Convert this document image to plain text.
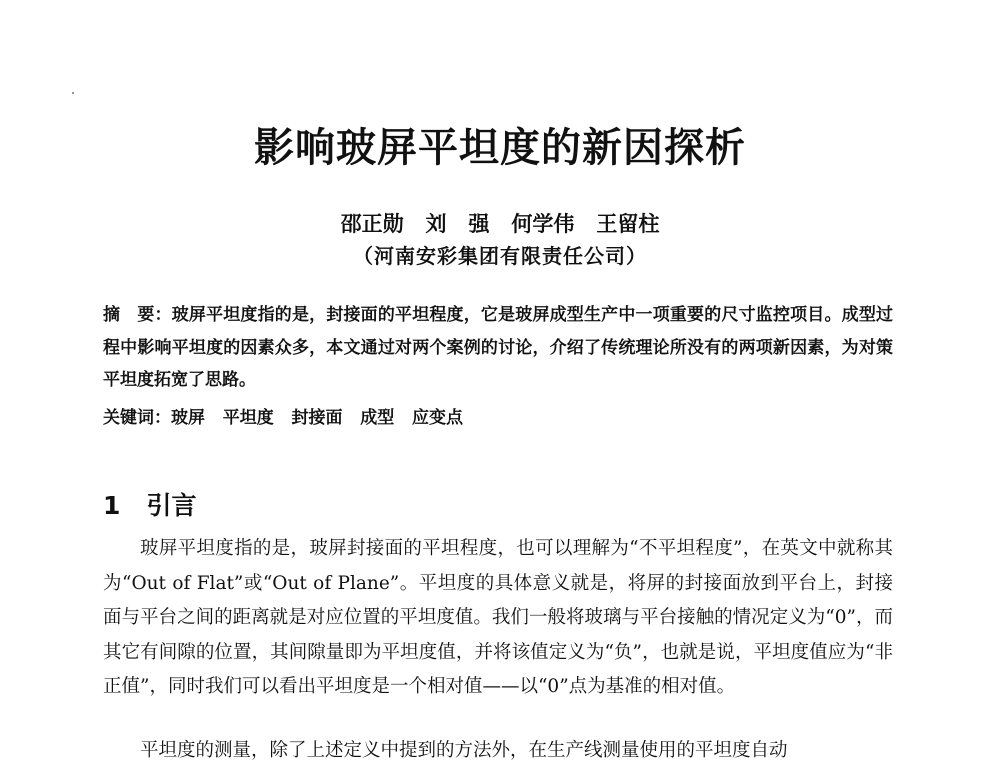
影响玻屏平坦度的新因探析
邵正勋   刘   强   何学伟   王留柱
（河南安彩集团有限责任公司）
摘　要：玻屏平坦度指的是，封接面的平坦程度，它是玻屏成型生产中一项重要的尺寸监控项目。成型过程中影响平坦度的因素众多，本文通过对两个案例的讨论，介绍了传统理论所没有的两项新因素，为对策平坦度拓宽了思路。
关键词：玻屏   平坦度   封接面   成型   应变点
1 引言

玻屏平坦度指的是，玻屏封接面的平坦程度，也可以理解为“不平坦程度”，在英文中就称其为“Out of Flat”或“Out of Plane”。平坦度的具体意义就是，将屏的封接面放到平台上，封接面与平台之间的距离就是对应位置的平坦度值。我们一般将玻璃与平台接触的情况定义为“0”，而其它有间隙的位置，其间隙量即为平坦度值，并将该值定义为“负”，也就是说，平坦度值应为“非正值”，同时我们可以看出平坦度是一个相对值——以“0”点为基准的相对值。

平坦度的测量，除了上述定义中提到的方法外，在生产线测量使用的平坦度自动
